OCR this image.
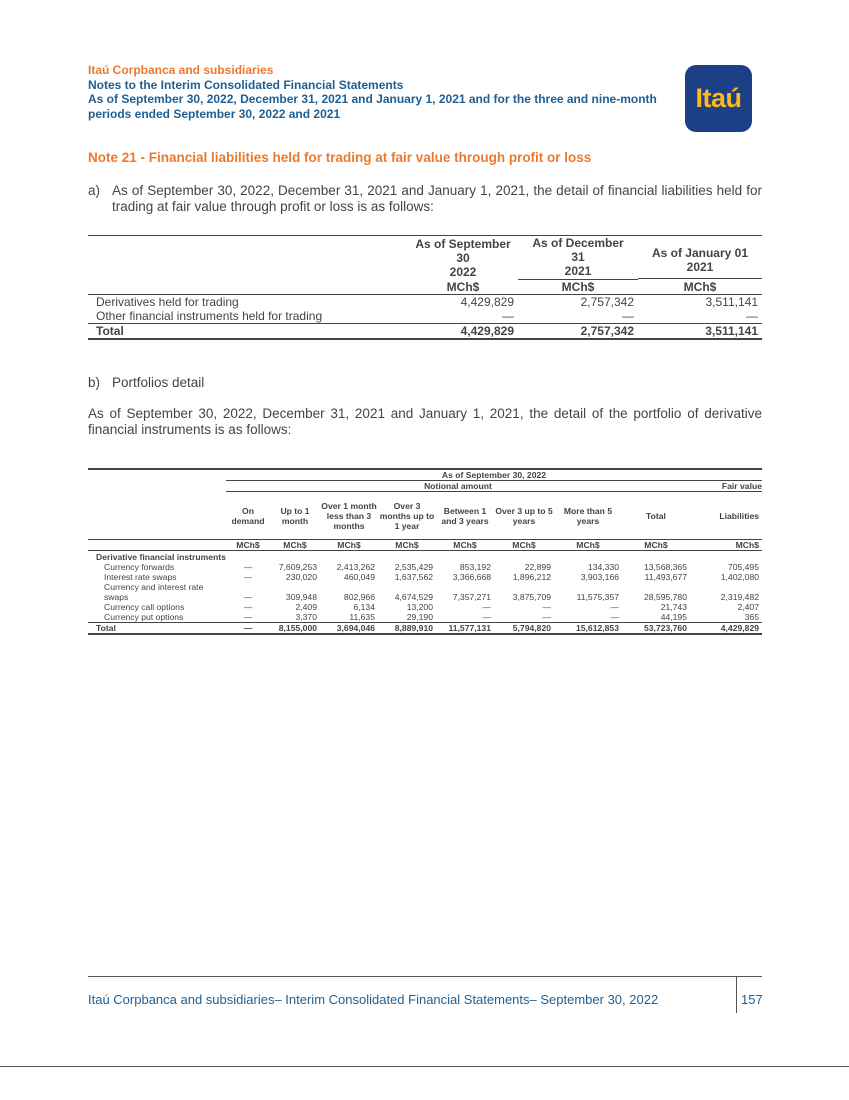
Itaú Corpbanca and subsidiaries
Notes to the Interim Consolidated Financial Statements
As of September 30, 2022, December 31, 2021 and January 1, 2021 and for the three and nine-month periods ended September 30, 2022 and 2021
Itaú
Note 21 - Financial liabilities held for trading at fair value through profit or loss
a) As of September 30, 2022, December 31, 2021 and January 1, 2021, the detail of financial liabilities held for trading at fair value through profit or loss is as follows:

	As of September
30
2022	As of December
31
2021	As of January 01
2021

	MCh$	MCh$	MCh$
Derivatives held for trading	4,429,829	2,757,342	3,511,141
Other financial instruments held for trading	—	—	—
Total	4,429,829	2,757,342	3,511,141
b) Portfolios detail
As of September 30, 2022, December 31, 2021 and January 1, 2021, the detail of the portfolio of derivative financial instruments is as follows:
	As of September 30, 2022								
	Notional amount								Fair value
	On demand	Up to 1 month	Over 1 month less than 3 months	Over 3 months up to 1 year	Between 1 and 3 years	Over 3 up to 5 years	More than 5 years	Total	Liabilities
	MCh$	MCh$	MCh$	MCh$	MCh$	MCh$	MCh$	MCh$	MCh$
Derivative financial instruments									
Currency forwards	—	7,609,253	2,413,262	2,535,429	853,192	22,899	134,330	13,568,365	705,495
Interest rate swaps	—	230,020	460,049	1,637,562	3,366,668	1,896,212	3,903,166	11,493,677	1,402,080
Currency and interest rate swaps	—	309,948	802,966	4,674,529	7,357,271	3,875,709	11,575,357	28,595,780	2,319,482
Currency call options	—	2,409	6,134	13,200	—	—	—	21,743	2,407
Currency put options	—	3,370	11,635	29,190	—	—	—	44,195	365
Total	—	8,155,000	3,694,046	8,889,910	11,577,131	5,794,820	15,612,853	53,723,760	4,429,829
Itaú Corpbanca and subsidiaries– Interim Consolidated Financial Statements– September 30, 2022	157
